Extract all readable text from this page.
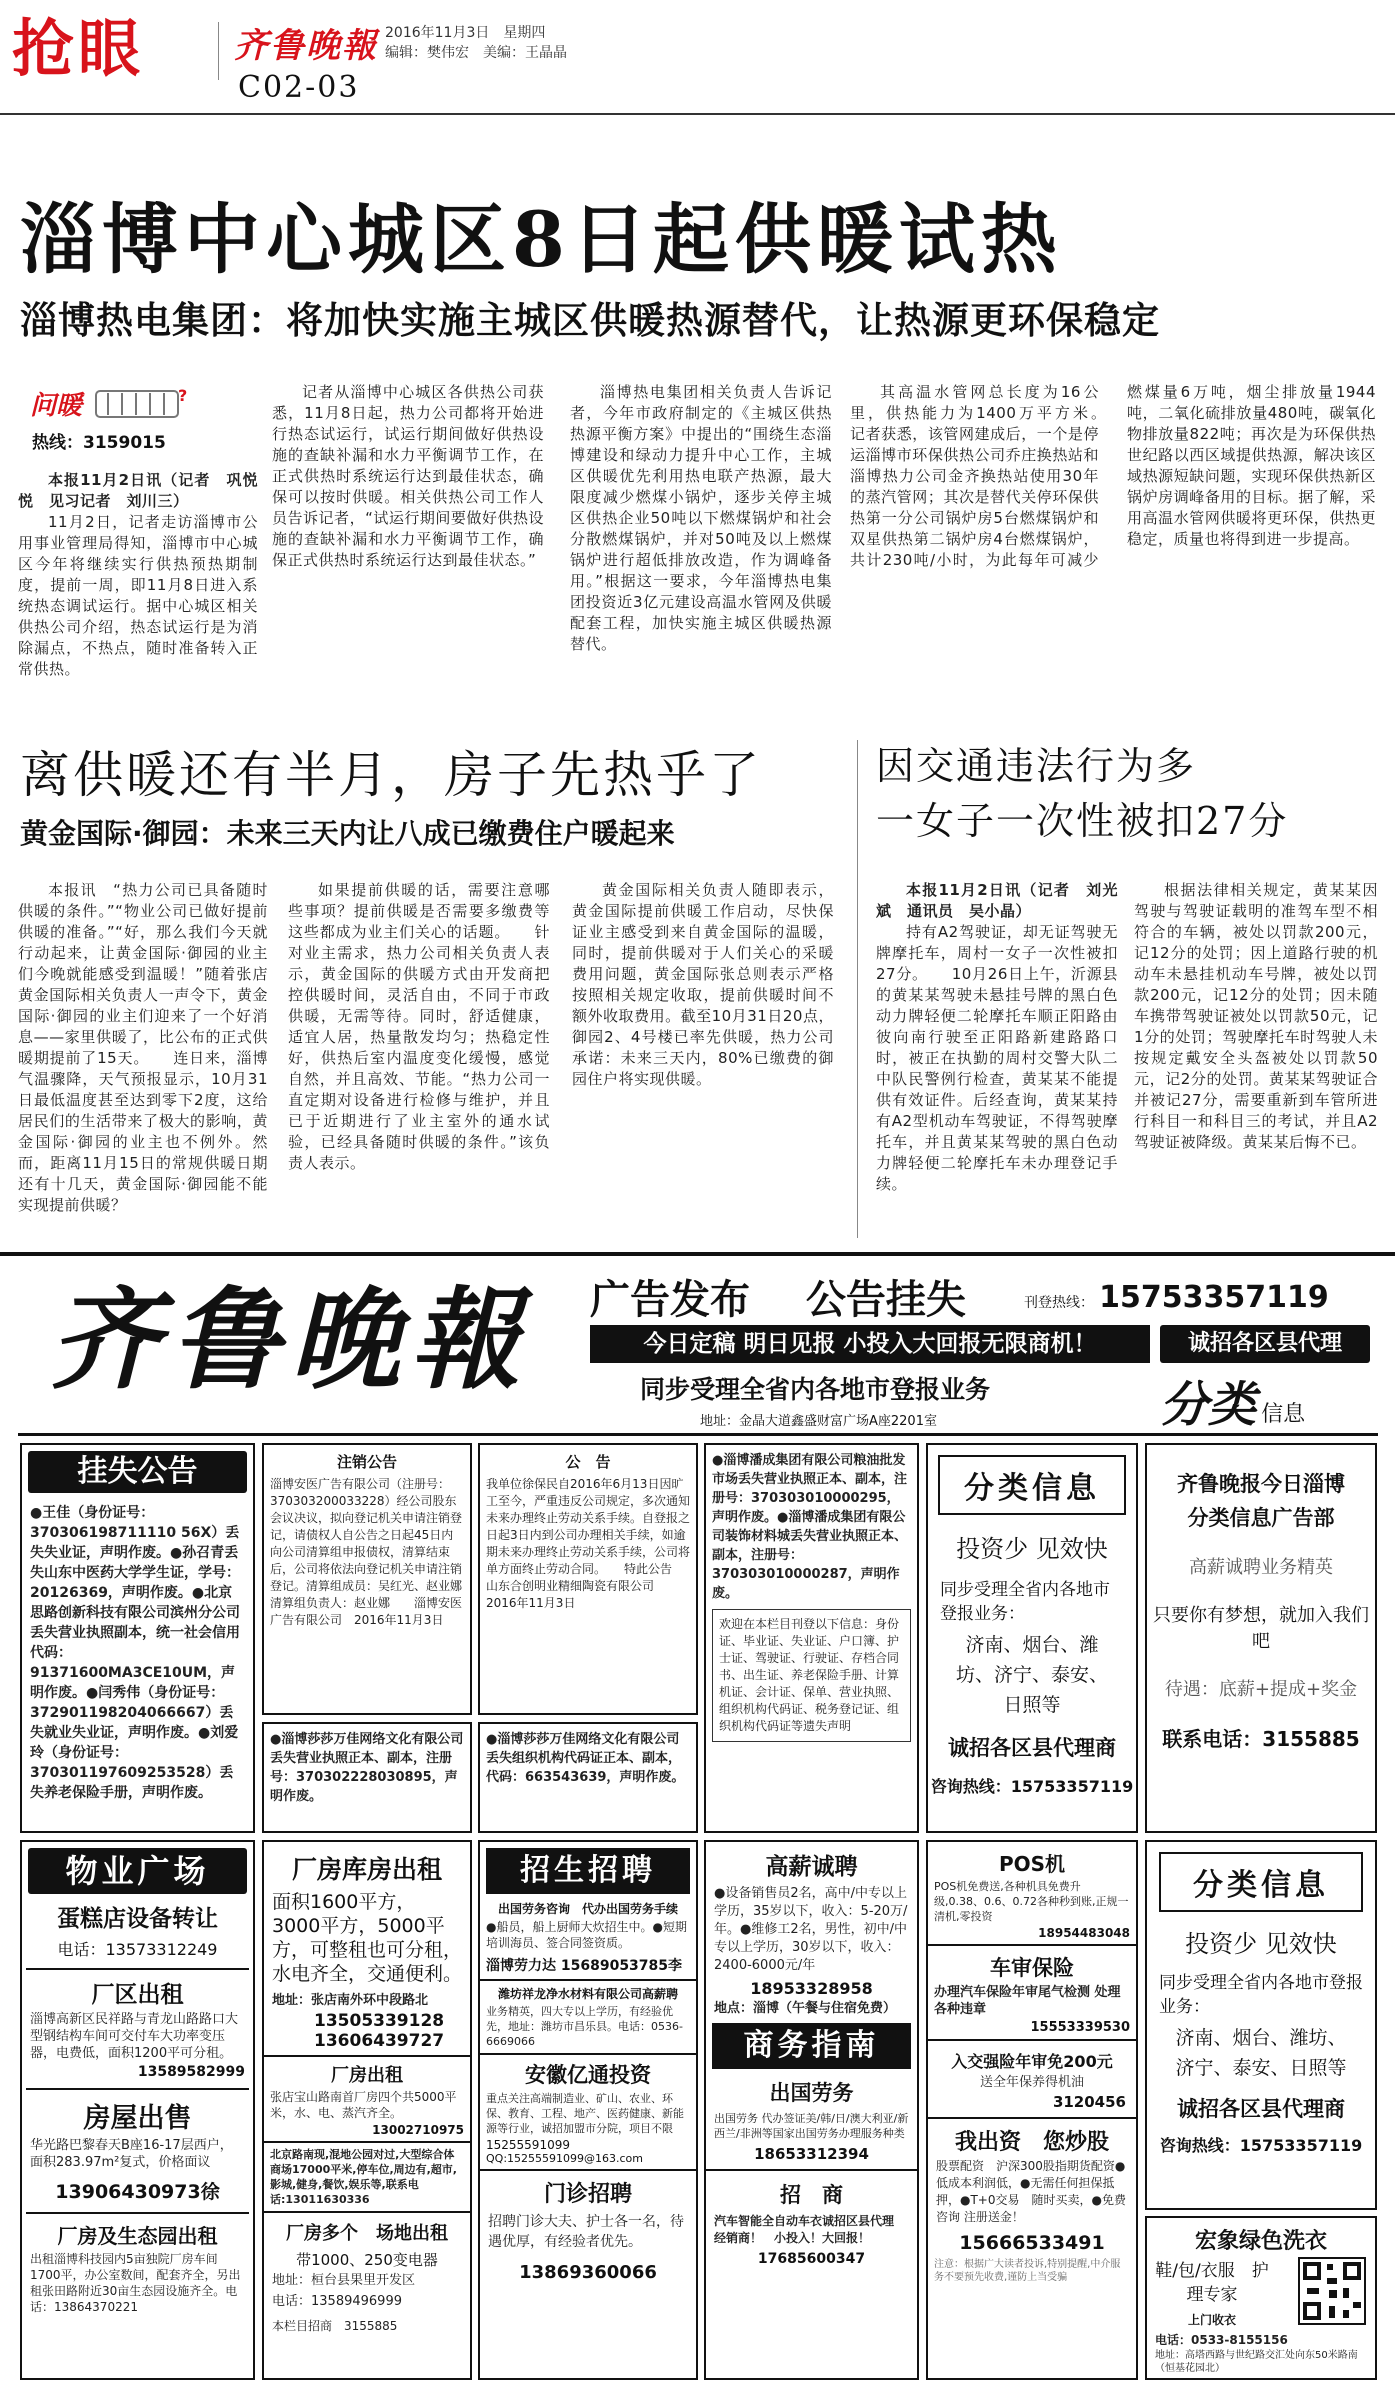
抢眼	齐鲁晚報 2016年11月3日　星期四
编辑：樊伟宏　美编：王晶晶
C02-03
淄博中心城区8日起供暖试热
淄博热电集团：将加快实施主城区供暖热源替代，让热源更环保稳定
问暖	?
热线：3159015

本报11月2日讯（记者　巩悦悦　见习记者　刘川三）

11月2日，记者走访淄博市公用事业管理局得知，淄博市中心城区今年将继续实行供热预热期制度，提前一周，即11月8日进入系统热态调试运行。据中心城区相关供热公司介绍，热态试运行是为消除漏点，不热点，随时准备转入正常供热。

记者从淄博中心城区各供热公司获悉，11月8日起，热力公司都将开始进行热态试运行，试运行期间做好供热设施的查缺补漏和水力平衡调节工作，在正式供热时系统运行达到最佳状态，确保可以按时供暖。相关供热公司工作人员告诉记者，“试运行期间要做好供热设施的查缺补漏和水力平衡调节工作，确保正式供热时系统运行达到最佳状态。”

淄博热电集团相关负责人告诉记者，今年市政府制定的《主城区供热热源平衡方案》中提出的“围绕生态淄博建设和绿动力提升中心工作，主城区供暖优先利用热电联产热源，最大限度减少燃煤小锅炉，逐步关停主城区供热企业50吨以下燃煤锅炉和社会分散燃煤锅炉，并对50吨及以上燃煤锅炉进行超低排放改造，作为调峰备用。”根据这一要求，今年淄博热电集团投资近3亿元建设高温水管网及供暖配套工程，加快实施主城区供暖热源替代。

其高温水管网总长度为16公里，供热能力为1400万平方米。　　记者获悉，该管网建成后，一个是停运淄博市环保供热公司乔庄换热站和淄博热力公司金齐换热站使用30年的蒸汽管网；其次是替代关停环保供热第一分公司锅炉房5台燃煤锅炉和双星供热第二锅炉房4台燃煤锅炉，共计230吨/小时，为此每年可减少燃煤量6万吨，烟尘排放量1944吨，二氧化硫排放量480吨，碳氧化物排放量822吨；再次是为环保供热世纪路以西区域提供热源，解决该区域热源短缺问题，实现环保供热新区锅炉房调峰备用的目标。据了解，采用高温水管网供暖将更环保，供热更稳定，质量也将得到进一步提高。

离供暖还有半月，房子先热乎了
黄金国际·御园：未来三天内让八成已缴费住户暖起来

本报讯　“热力公司已具备随时供暖的条件。”“物业公司已做好提前供暖的准备。”“好，那么我们今天就行动起来，让黄金国际·御园的业主们今晚就能感受到温暖！”随着张店黄金国际相关负责人一声令下，黄金国际·御园的业主们迎来了一个好消息——家里供暖了，比公布的正式供暖期提前了15天。　　连日来，淄博气温骤降，天气预报显示，10月31日最低温度甚至达到零下2度，这给居民们的生活带来了极大的影响，黄金国际·御园的业主也不例外。然而，距离11月15日的常规供暖日期还有十几天，黄金国际·御园能不能实现提前供暖？

如果提前供暖的话，需要注意哪些事项？提前供暖是否需要多缴费等这些都成为业主们关心的话题。　　针对业主需求，热力公司相关负责人表示，黄金国际的供暖方式由开发商把控供暖时间，灵活自由，不同于市政供暖，无需等待。同时，舒适健康，适宜人居，热量散发均匀；热稳定性好，供热后室内温度变化缓慢，感觉自然，并且高效、节能。“热力公司一直定期对设备进行检修与维护，并且已于近期进行了业主室外的通水试验，已经具备随时供暖的条件。”该负责人表示。

黄金国际相关负责人随即表示，黄金国际提前供暖工作启动，尽快保证业主感受到来自黄金国际的温暖，同时，提前供暖对于人们关心的采暖费用问题，黄金国际张总则表示严格按照相关规定收取，提前供暖时间不额外收取费用。截至10月31日20点，御园2、4号楼已率先供暖，热力公司承诺：未来三天内，80%已缴费的御园住户将实现供暖。

因交通违法行为多
一女子一次性被扣27分

本报11月2日讯（记者　刘光斌　通讯员　吴小晶）

持有A2驾驶证，却无证驾驶无牌摩托车，周村一女子一次性被扣27分。　　10月26日上午，沂源县的黄某某驾驶未悬挂号牌的黑白色动力牌轻便二轮摩托车顺正阳路由彼向南行驶至正阳路新建路路口时，被正在执勤的周村交警大队二中队民警例行检查，黄某某不能提供有效证件。后经查询，黄某某持有A2型机动车驾驶证，不得驾驶摩托车，并且黄某某驾驶的黑白色动力牌轻便二轮摩托车未办理登记手续。

根据法律相关规定，黄某某因驾驶与驾驶证载明的准驾车型不相符合的车辆，被处以罚款200元，记12分的处罚；因上道路行驶的机动车未悬挂机动车号牌，被处以罚款200元，记12分的处罚；因未随车携带驾驶证被处以罚款50元，记1分的处罚；驾驶摩托车时驾驶人未按规定戴安全头盔被处以罚款50元，记2分的处罚。黄某某驾驶证合并被记27分，需要重新到车管所进行科目一和科目三的考试，并且A2驾驶证被降级。黄某某后悔不已。

齐鲁晚報 广告发布 公告挂失	刊登热线： 15753357119
今日定稿 明日见报 小投入大回报无限商机！	诚招各区县代理
同步受理全省内各地市登报业务
地址：金晶大道鑫盛财富广场A座2201室	分类 信息
挂失公告
●王佳（身份证号：370306198711110 56X）丢失失业证，声明作废。●孙召青丢失山东中医药大学学生证，学号：20126369，声明作废。●北京思路创新科技有限公司滨州分公司丢失营业执照副本，统一社会信用代码：91371600MA3CE10UM，声明作废。●闫秀伟（身份证号：372901198204066667）丢失就业失业证，声明作废。●刘爱玲（身份证号：370301197609253528）丢失养老保险手册，声明作废。
注销公告
淄博安医广告有限公司（注册号：370303200033228）经公司股东会议决议，拟向登记机关申请注销登记，请债权人自公告之日起45日内向公司清算组申报债权，清算结束后，公司将依法向登记机关申请注销登记。清算组成员：吴红光、赵业娜　清算组负责人：赵业娜　　淄博安医广告有限公司　2016年11月3日
公　告
我单位徐保民自2016年6月13日因旷工至今，严重违反公司规定，多次通知未来办理终止劳动关系手续。自登报之日起3日内到公司办理相关手续，如逾期未来办理终止劳动关系手续，公司将单方面终止劳动合同。　　特此公告　　山东合创明业精细陶瓷有限公司　2016年11月3日
●淄博莎莎万佳网络文化有限公司丢失营业执照正本、副本，注册号：370302228030895，声明作废。
●淄博莎莎万佳网络文化有限公司丢失组织机构代码证正本、副本，代码：663543639，声明作废。
●淄博潘成集团有限公司粮油批发市场丢失营业执照正本、副本，注册号：370303010000295，声明作废。●淄博潘成集团有限公司装饰材料城丢失营业执照正本、副本，注册号：370303010000287，声明作废。
欢迎在本栏目刊登以下信息：身份证、毕业证、失业证、户口簿、护士证、驾驶证、行驶证、存档合同书、出生证、养老保险手册、计算机证、会计证、保单、营业执照、组织机构代码证、税务登记证、组织机构代码证等遗失声明
分类信息
投资少 见效快
同步受理全省内各地市登报业务：
济南、烟台、潍坊、济宁、泰安、日照等
诚招各区县代理商
咨询热线：15753357119
齐鲁晚报今日淄博分类信息广告部
高薪诚聘业务精英
只要你有梦想，就加入我们吧
待遇：底薪+提成+奖金
联系电话：3155885
物业广场
蛋糕店设备转让
电话：13573312249
厂区出租
淄博高新区民祥路与青龙山路路口大型钢结构车间可交付车大功率变压器，电费低，面积1200平可分租。
13589582999
房屋出售
华光路巴黎春天B座16-17层西户，面积283.97m²复式，价格面议
13906430973徐
厂房及生态园出租
出租淄博科技园内5亩独院厂房车间1700平，办公室数间，配套齐全，另出租张田路附近30亩生态园设施齐全。电话：13864370221
厂房库房出租
面积1600平方，3000平方，5000平方，可整租也可分租，水电齐全，交通便利。
地址：张店南外环中段路北
13505339128
13606439727
厂房出租
张店宝山路南首厂房四个共5000平米，水、电、蒸汽齐全。
13002710975
北京路南现,混地公园对过,大型综合体商场17000平米,停车位,周边有,超市,影城,健身,餐饮,娱乐等,联系电话:13011630336
厂房多个　场地出租
带1000、250变电器
地址：桓台县果里开发区
电话：13589496999
本栏目招商　3155885
招生招聘
出国劳务咨询　代办出国劳务手续
●船员，船上厨师大炊招生中。●短期培训海员、签合同签资质。
淄博劳力达 15689053785李
潍坊祥龙净水材料有限公司高薪聘
业务精英，四大专以上学历，有经验优先，地址：潍坊市昌乐县。电话：0536-6669066
安徽亿通投资
重点关注高端制造业、矿山、农业、环保、教育、工程、地产、医药健康、新能源等行业，诚招加盟市分院，项目不限
15255591099
QQ:15255591099@163.com
门诊招聘
招聘门诊大夫、护士各一名，待遇优厚，有经验者优先。
13869360066
高薪诚聘
●设备销售员2名，高中/中专以上学历，35岁以下，收入：5-20万/年。●维修工2名，男性，初中/中专以上学历，30岁以下，收入：2400-6000元/年
18953328958
地点：淄博（午餐与住宿免费）
商务指南
出国劳务
出国劳务 代办签证美/韩/日/澳大利亚/新西兰/非洲等国家出国劳务办理服务种类
18653312394
招　商
汽车智能全自动车衣诚招区县代理　经销商！　小投入！大回报！
17685600347
POS机
POS机免费送,各种机具免费升级,0.38、0.6、0.72各种秒到账,正规一清机,零投资
18954483048
车审保险
办理汽车保险年审尾气检测 处理各种违章
15553339530
入交强险年审免200元
送全年保养得机油
3120456
我出资　您炒股
股票配资　沪深300股指期货配资●低成本利润低，●无需任何担保抵押，●T+0交易　随时买卖，●免费咨询 注册送金！
15666533491
注意：根据广大读者投诉,特别提醒,中介服务不要预先收费,谨防上当受骗
分类信息
投资少 见效快
同步受理全省内各地市登报业务：
济南、烟台、潍坊、济宁、泰安、日照等
诚招各区县代理商
咨询热线：15753357119
宏象绿色洗衣
鞋/包/衣服　护理专家
上门收衣
电话：0533-8155156
地址：高塔西路与世纪路交汇处向东50米路南（恒基花园北）
